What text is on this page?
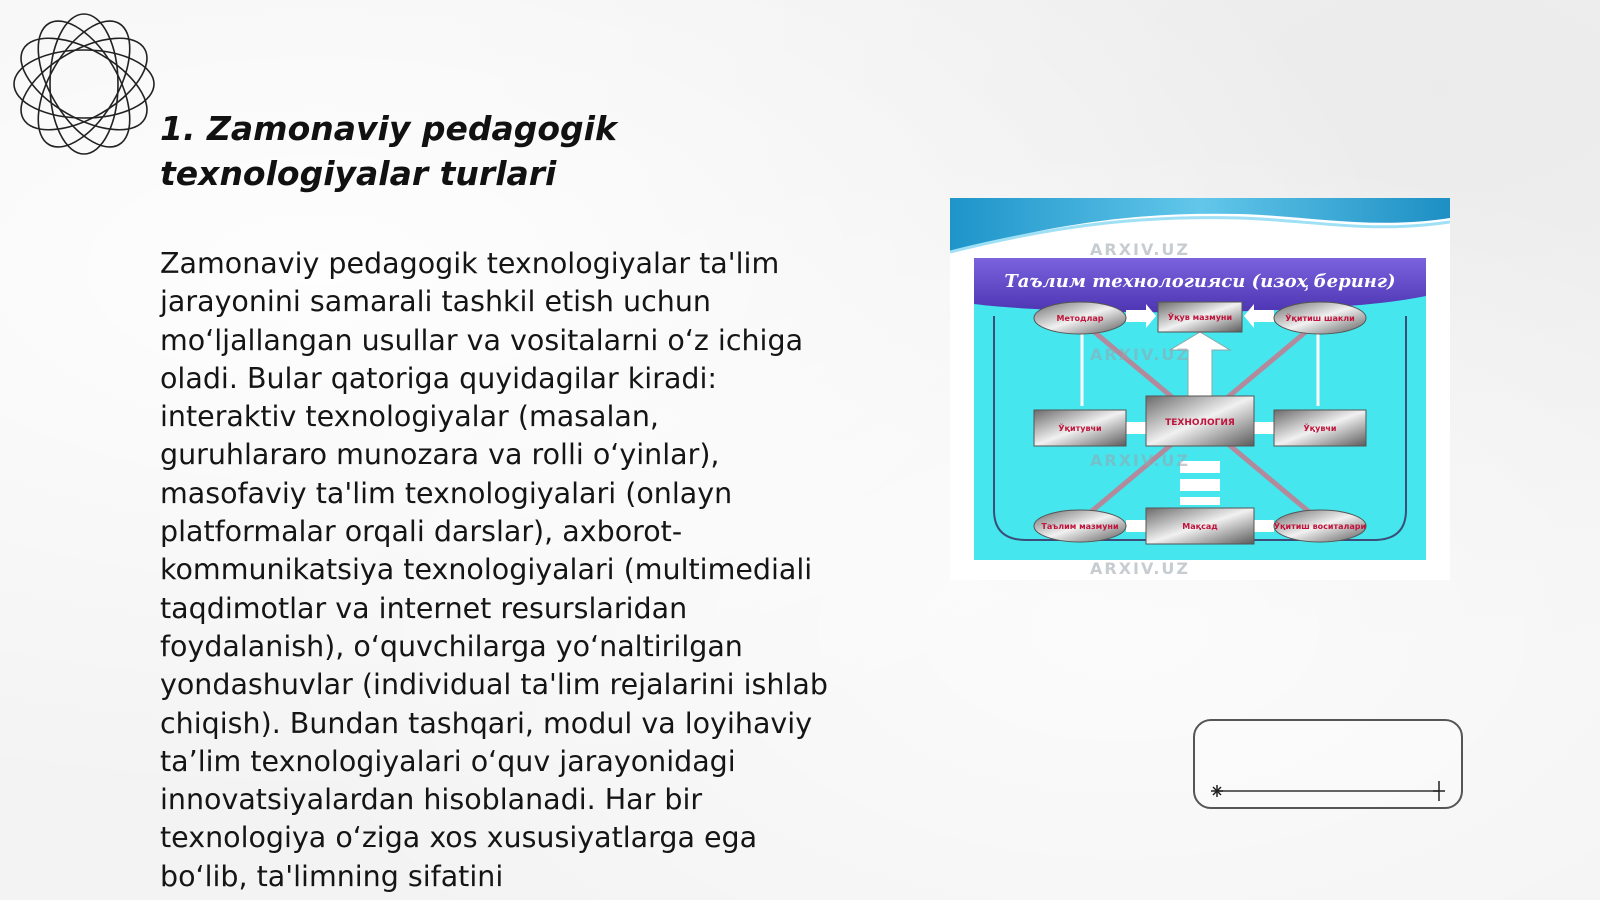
1. Zamonaviy pedagogik
texnologiyalar turlari
Zamonaviy pedagogik texnologiyalar ta'lim jarayonini samarali tashkil etish uchun mo‘ljallangan usullar va vositalarni o‘z ichiga oladi. Bular qatoriga quyidagilar kiradi: interaktiv texnologiyalar (masalan, guruhlararo munozara va rolli o‘yinlar), masofaviy ta'lim texnologiyalari (onlayn platformalar orqali darslar), axborot-kommunikatsiya texnologiyalari (multimediali taqdimotlar va internet resurslaridan foydalanish), o‘quvchilarga yo‘naltirilgan yondashuvlar (individual ta'lim rejalarini ishlab chiqish). Bundan tashqari, modul va loyihaviy ta’lim texnologiyalari o‘quv jarayonidagi innovatsiyalardan hisoblanadi. Har bir texnologiya o‘ziga xos xususiyatlarga ega bo‘lib, ta'limning sifatini
Таълим технологияси (изоҳ беринг)
Методлар	Ўқув мазмуни	Ўқитиш шакли
Ўқитувчи
ТЕХНОЛОГИЯ
Ўқувчи
Таълим мазмуни	Мақсад	Ўқитиш воситалари
ARXIV.UZ
ARXIV.UZ
ARXIV.UZ
ARXIV.UZ
